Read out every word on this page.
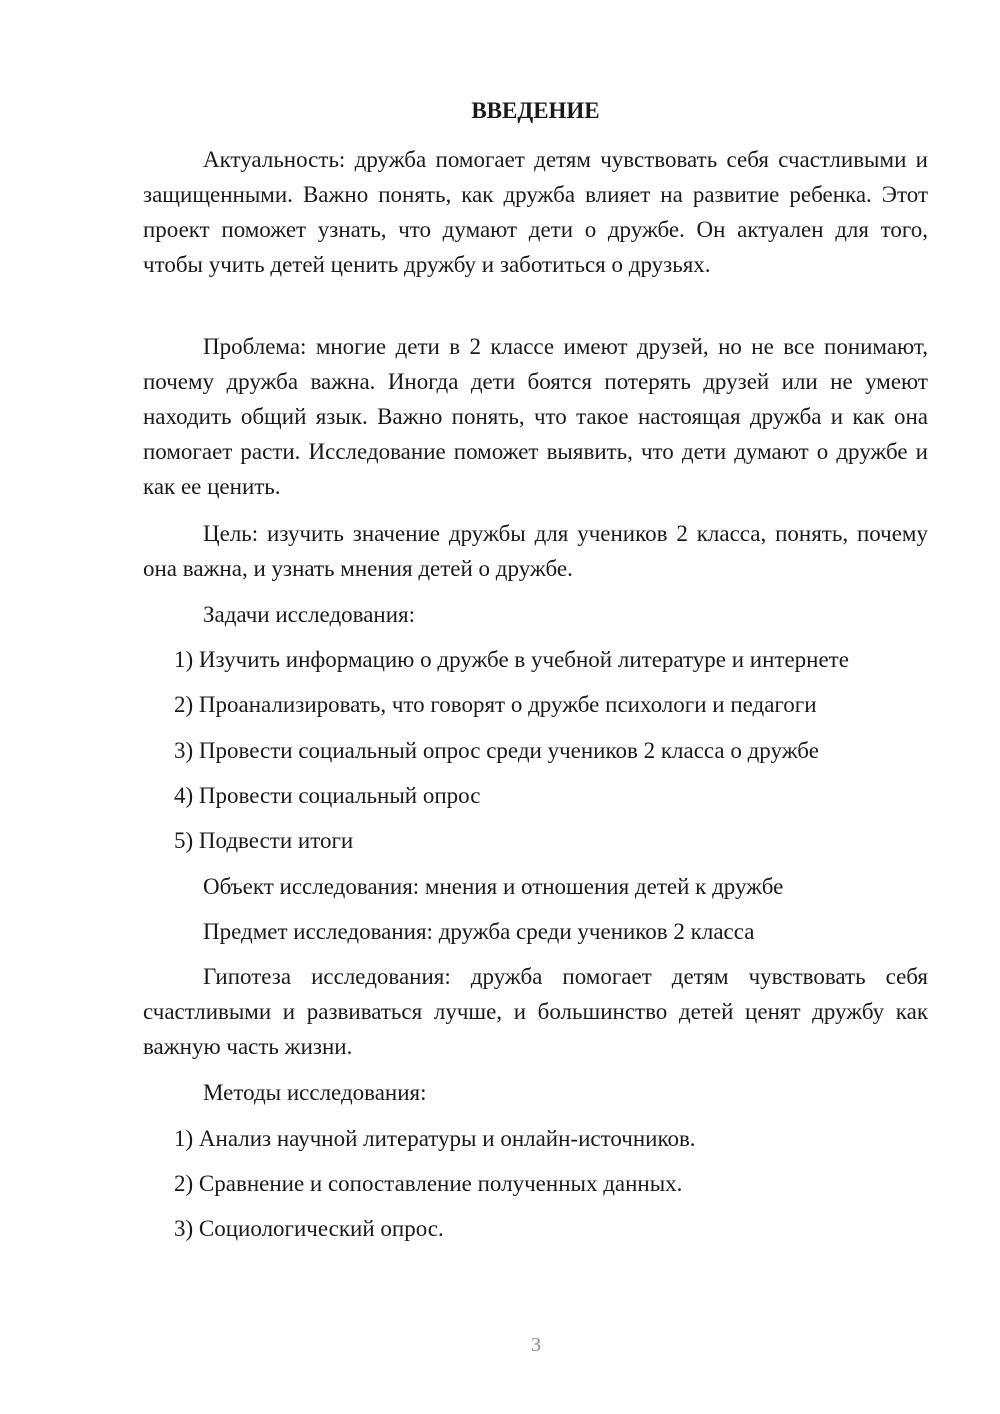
ВВЕДЕНИЕ

Актуальность: дружба помогает детям чувствовать себя счастливыми и защищенными. Важно понять, как дружба влияет на развитие ребенка. Этот проект поможет узнать, что думают дети о дружбе. Он актуален для того, чтобы учить детей ценить дружбу и заботиться о друзьях.

Проблема: многие дети в 2 классе имеют друзей, но не все понимают, почему дружба важна. Иногда дети боятся потерять друзей или не умеют находить общий язык. Важно понять, что такое настоящая дружба и как она помогает расти. Исследование поможет выявить, что дети думают о дружбе и как ее ценить.

Цель: изучить значение дружбы для учеников 2 класса, понять, почему она важна, и узнать мнения детей о дружбе.

Задачи исследования:

1) Изучить информацию о дружбе в учебной литературе и интернете

2) Проанализировать, что говорят о дружбе психологи и педагоги

3) Провести социальный опрос среди учеников 2 класса о дружбе

4) Провести социальный опрос

5) Подвести итоги

Объект исследования: мнения и отношения детей к дружбе

Предмет исследования: дружба среди учеников 2 класса

Гипотеза исследования: дружба помогает детям чувствовать себя счастливыми и развиваться лучше, и большинство детей ценят дружбу как важную часть жизни.

Методы исследования:

1) Анализ научной литературы и онлайн-источников.

2) Сравнение и сопоставление полученных данных.

3) Социологический опрос.

3
